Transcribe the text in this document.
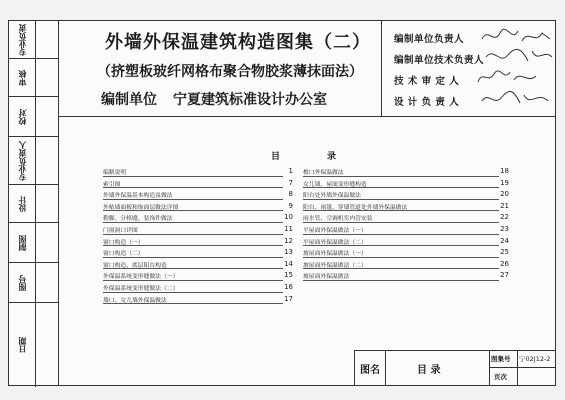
专业负责
审核
校对
专业负责人
设计
制图
图号
日期
外墙外保温建筑构造图集（二）
（挤塑板玻纤网格布聚合物胶浆薄抹面法）
编制单位 宁夏建筑标准设计办公室
编制单位负责人
编制单位技术负责人
技 术 审 定 人
设 计 负 责 人
目	录
编制说明	1
索引图	7
外墙外保温基本构造及做法	8
外贴墙面板和饰面层做法详图	9
勒脚、分格缝、装饰件做法	10
门窗洞口详图	11
窗口构造（一）	12
窗口构造（二）	13
窗口构造、底层阳台构造	14
外保温系统变形缝做法（一）	15
外保温系统变形缝做法（二）	16
墙口、女儿墙外保温做法	17
檐口外保温做法	18
女儿墙、屋面变形缝构造	19
阳台处外墙外保温做法	20
阳台、雨篷、穿墙管道处外墙外保温做法	21
雨水管、空调机室内管安装	22
平屋面外保温做法（一）	23
平屋面外保温做法（二）	24
坡屋面外保温做法（一）	25
坡屋面外保温做法（二）	26
坡屋面外保温做法	27
图名	目 录
图集号 宁02J12-2
页次
